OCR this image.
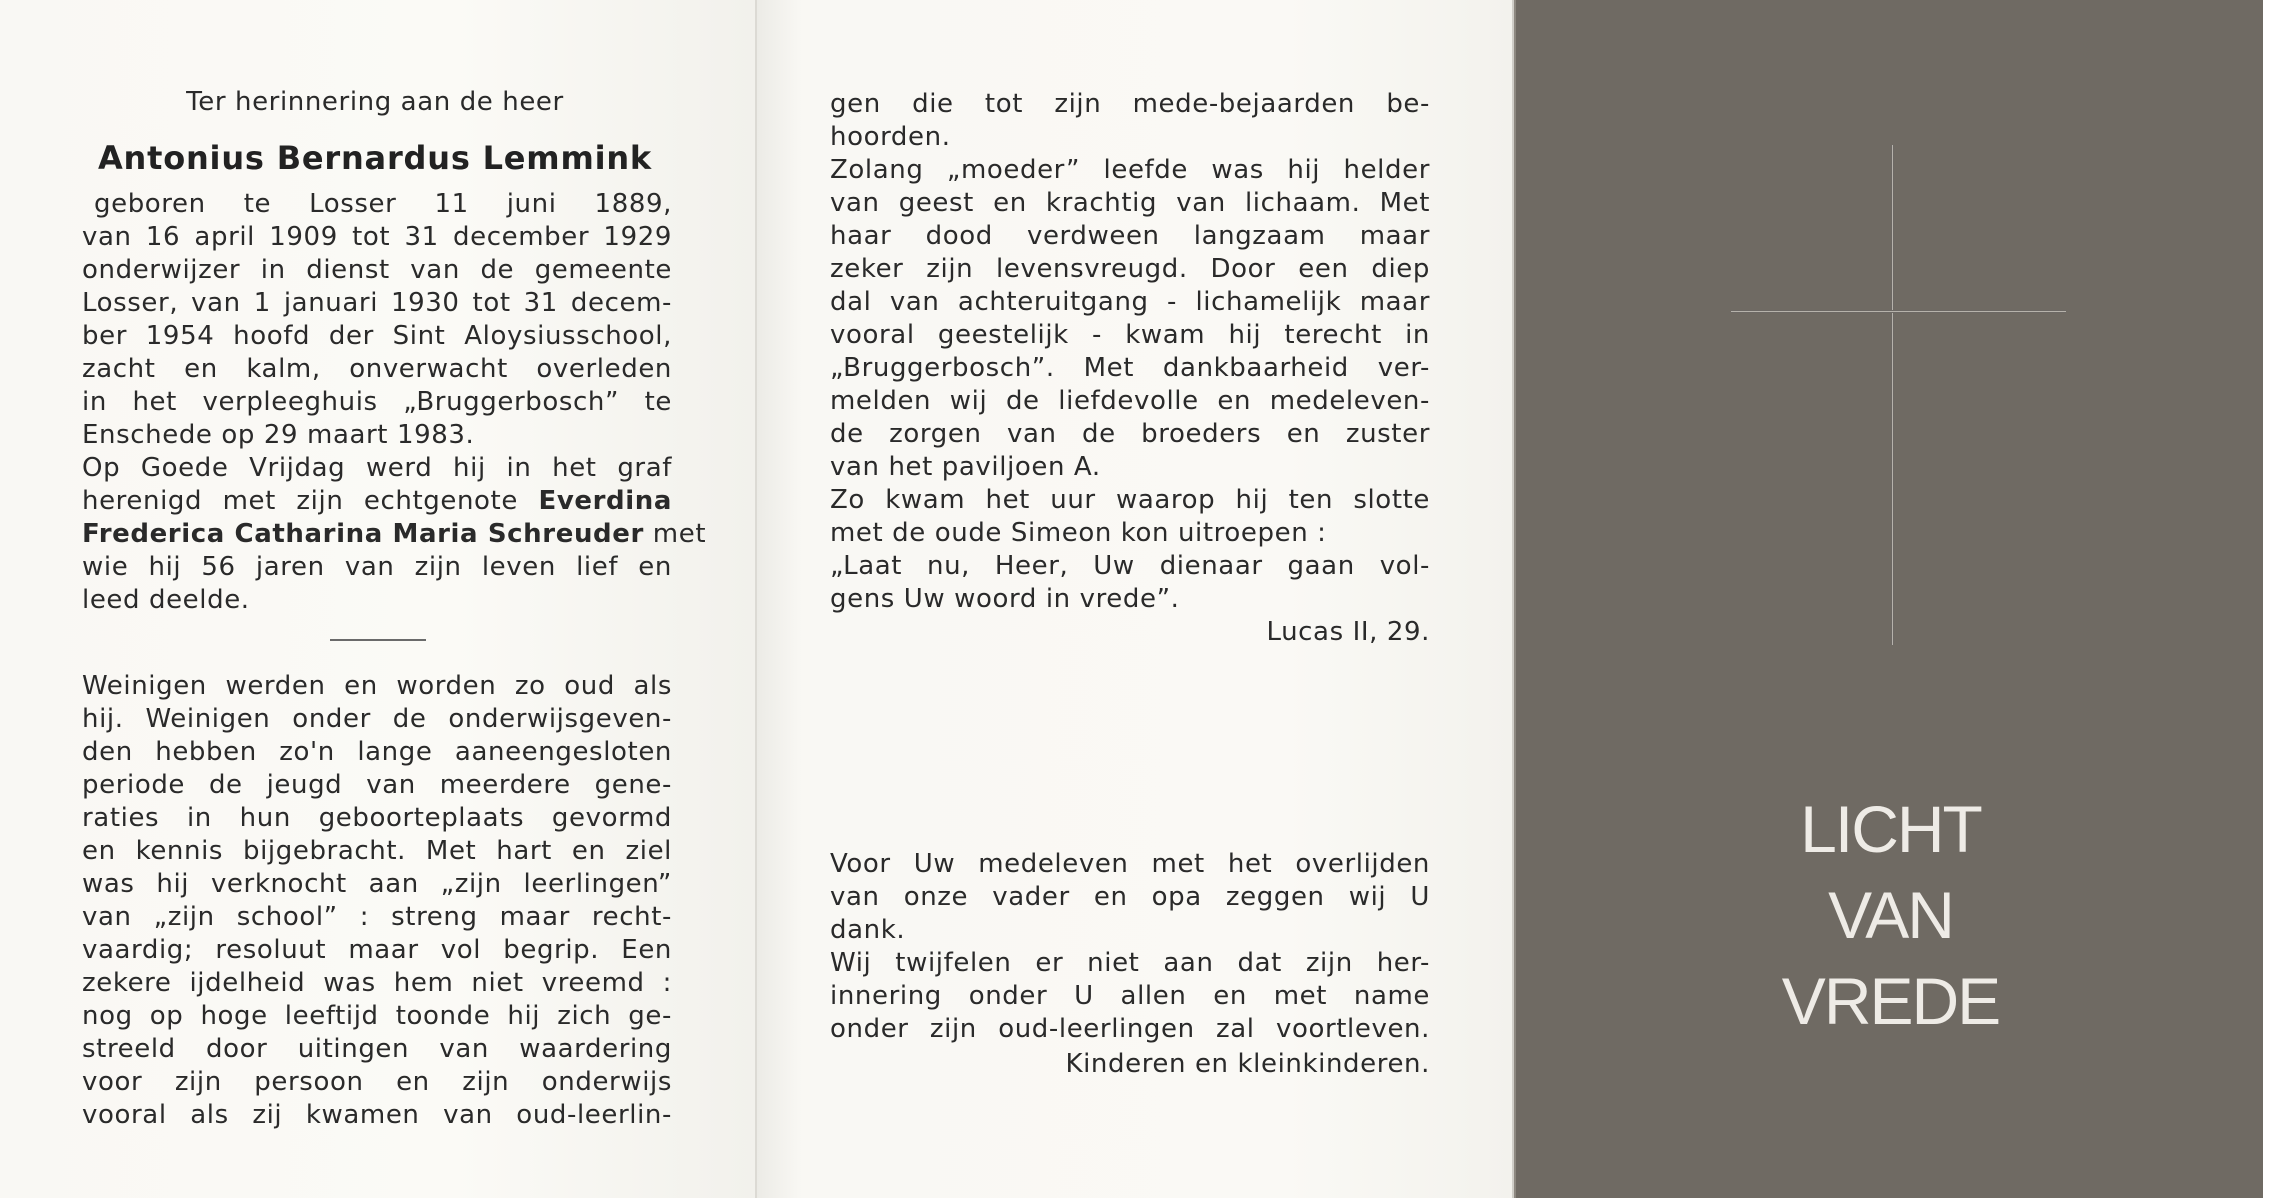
Ter herinnering aan de heer
Antonius Bernardus Lemmink
geboren te Losser 11 juni 1889,
van 16 april 1909 tot 31 december 1929
onderwijzer in dienst van de gemeente
Losser, van 1 januari 1930 tot 31 decem-
ber 1954 hoofd der Sint Aloysiusschool,
zacht en kalm, onverwacht overleden
in het verpleeghuis „Bruggerbosch” te
Enschede op 29 maart 1983.
Op Goede Vrijdag werd hij in het graf
herenigd met zijn echtgenote Everdina
Frederica Catharina Maria Schreuder met
wie hij 56 jaren van zijn leven lief en
leed deelde.
Weinigen werden en worden zo oud als
hij. Weinigen onder de onderwijsgeven-
den hebben zo'n lange aaneengesloten
periode de jeugd van meerdere gene-
raties in hun geboorteplaats gevormd
en kennis bijgebracht. Met hart en ziel
was hij verknocht aan „zijn leerlingen”
van „zijn school” : streng maar recht-
vaardig; resoluut maar vol begrip. Een
zekere ijdelheid was hem niet vreemd :
nog op hoge leeftijd toonde hij zich ge-
streeld door uitingen van waardering
voor zijn persoon en zijn onderwijs
vooral als zij kwamen van oud-leerlin-
gen die tot zijn mede-bejaarden be-
hoorden.
Zolang „moeder” leefde was hij helder
van geest en krachtig van lichaam. Met
haar dood verdween langzaam maar
zeker zijn levensvreugd. Door een diep
dal van achteruitgang - lichamelijk maar
vooral geestelijk - kwam hij terecht in
„Bruggerbosch”. Met dankbaarheid ver-
melden wij de liefdevolle en medeleven-
de zorgen van de broeders en zuster
van het paviljoen A.
Zo kwam het uur waarop hij ten slotte
met de oude Simeon kon uitroepen :
„Laat nu, Heer, Uw dienaar gaan vol-
gens Uw woord in vrede”.
Lucas II, 29.
Voor Uw medeleven met het overlijden
van onze vader en opa zeggen wij U
dank.
Wij twijfelen er niet aan dat zijn her-
innering onder U allen en met name
onder zijn oud-leerlingen zal voortleven.
Kinderen en kleinkinderen.
LICHT
VAN
VREDE
